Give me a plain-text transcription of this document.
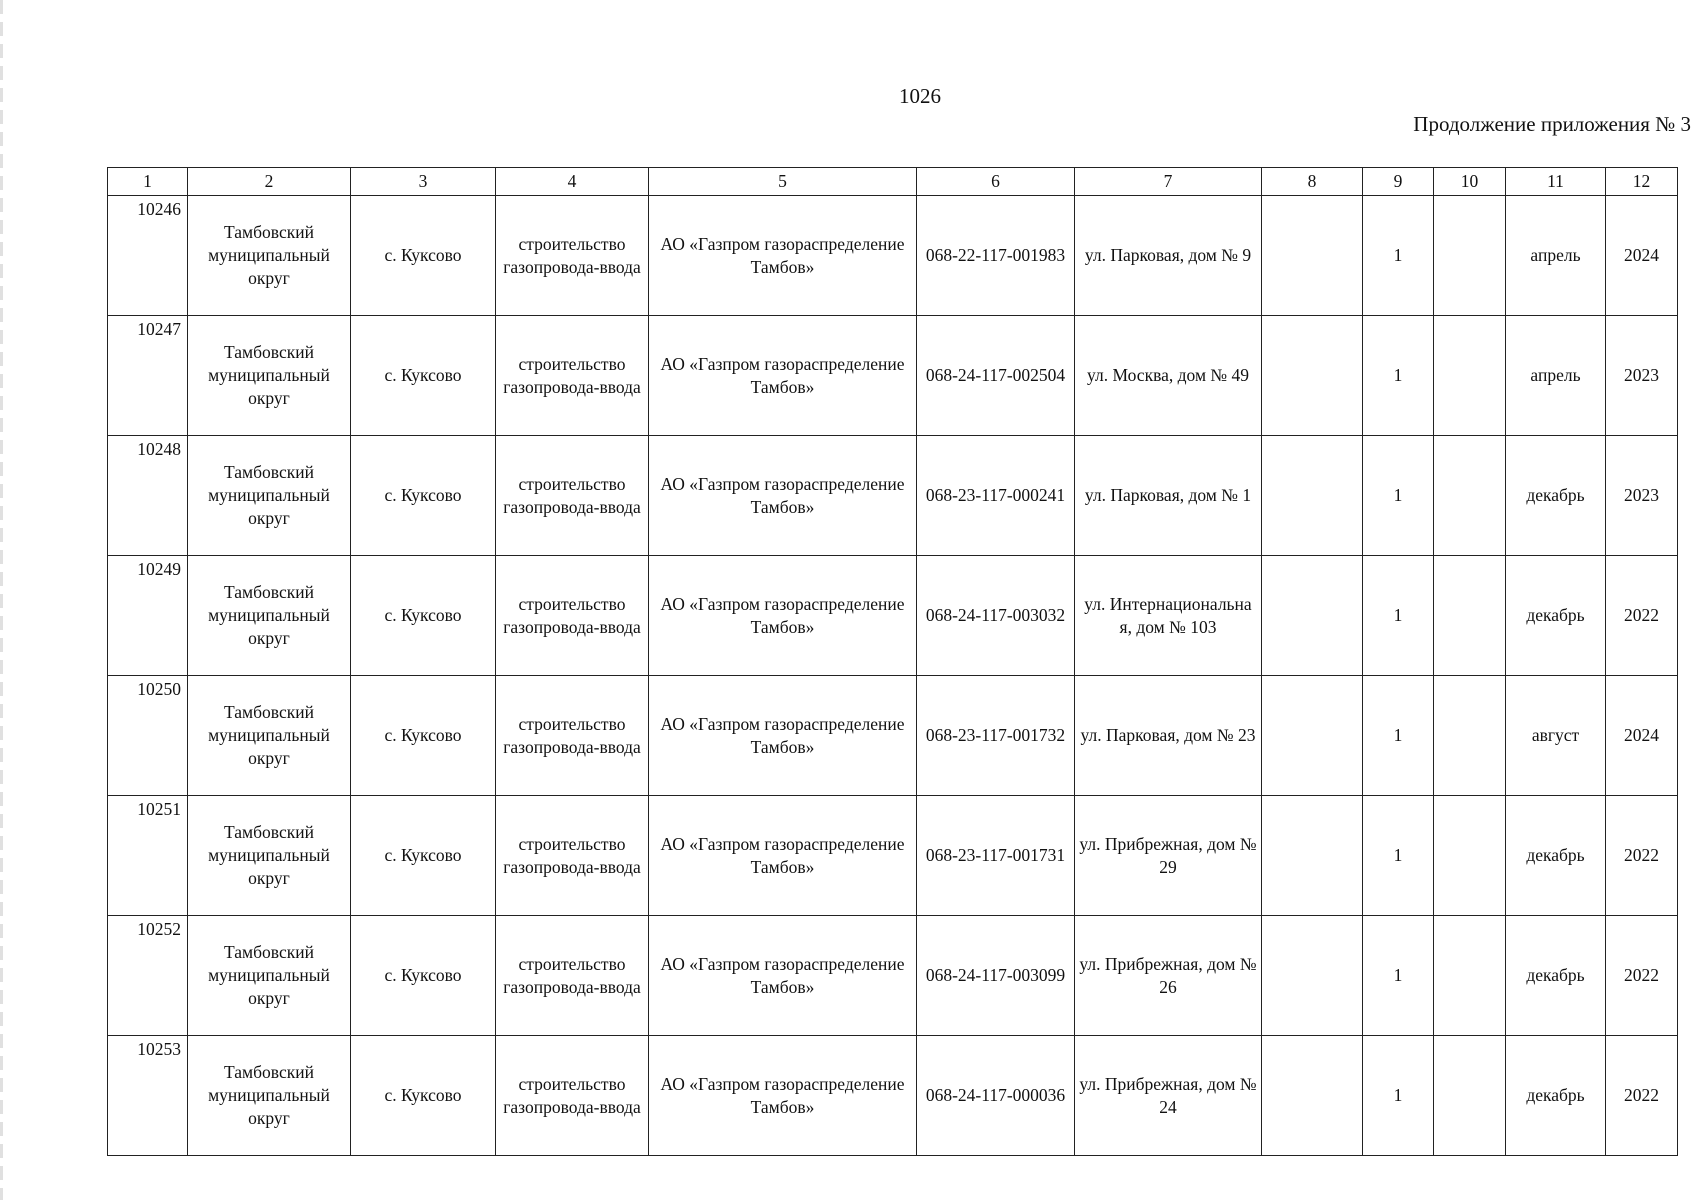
1026
Продолжение приложения № 3
1	2	3	4	5	6	7	8	9	10	11	12
10246	Тамбовский муниципальный округ	с. Куксово	строительство газопровода-ввода	АО «Газпром газораспределение Тамбов»	068-22-117-001983	ул. Парковая, дом № 9		1		апрель	2024
10247	Тамбовский муниципальный округ	с. Куксово	строительство газопровода-ввода	АО «Газпром газораспределение Тамбов»	068-24-117-002504	ул. Москва, дом № 49		1		апрель	2023
10248	Тамбовский муниципальный округ	с. Куксово	строительство газопровода-ввода	АО «Газпром газораспределение Тамбов»	068-23-117-000241	ул. Парковая, дом № 1		1		декабрь	2023
10249	Тамбовский муниципальный округ	с. Куксово	строительство газопровода-ввода	АО «Газпром газораспределение Тамбов»	068-24-117-003032	ул. Интернациональна я, дом № 103		1		декабрь	2022
10250	Тамбовский муниципальный округ	с. Куксово	строительство газопровода-ввода	АО «Газпром газораспределение Тамбов»	068-23-117-001732	ул. Парковая, дом № 23		1		август	2024
10251	Тамбовский муниципальный округ	с. Куксово	строительство газопровода-ввода	АО «Газпром газораспределение Тамбов»	068-23-117-001731	ул. Прибрежная, дом № 29		1		декабрь	2022
10252	Тамбовский муниципальный округ	с. Куксово	строительство газопровода-ввода	АО «Газпром газораспределение Тамбов»	068-24-117-003099	ул. Прибрежная, дом № 26		1		декабрь	2022
10253	Тамбовский муниципальный округ	с. Куксово	строительство газопровода-ввода	АО «Газпром газораспределение Тамбов»	068-24-117-000036	ул. Прибрежная, дом № 24		1		декабрь	2022
